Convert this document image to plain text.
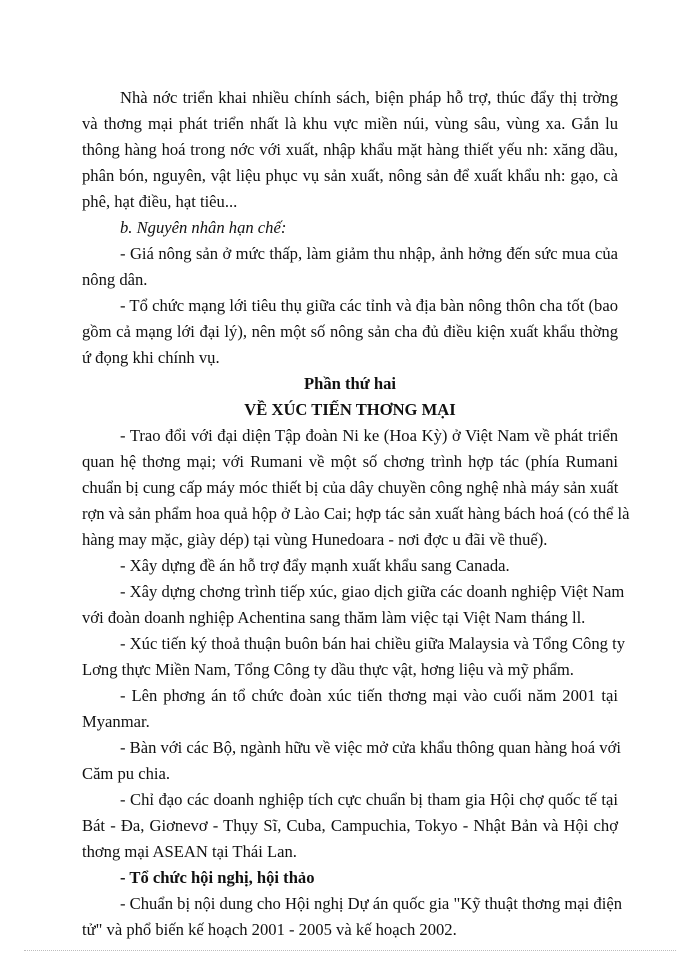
Nhà nớc triển khai nhiều chính sách, biện pháp hỗ trợ, thúc đẩy thị trờng
và thơng mại phát triển nhất là khu vực miền núi, vùng sâu, vùng xa. Gắn lu
thông hàng hoá trong nớc với xuất, nhập khẩu mặt hàng thiết yếu nh: xăng dầu,
phân bón, nguyên, vật liệu phục vụ sản xuất, nông sản để xuất khẩu nh: gạo, cà
phê, hạt điều, hạt tiêu...
b. Nguyên nhân hạn chế:
- Giá nông sản ở mức thấp, làm giảm thu nhập, ảnh hởng đến sức mua của
nông dân.
- Tổ chức mạng lới tiêu thụ giữa các tỉnh và địa bàn nông thôn cha tốt (bao
gồm cả mạng lới đại lý), nên một số nông sản cha đủ điều kiện xuất khẩu thờng
ứ đọng khi chính vụ.
Phần thứ hai
VỀ XÚC TIẾN THƠNG MẠI
- Trao đổi với đại diện Tập đoàn Ni ke (Hoa Kỳ) ở Việt Nam về phát triển
quan hệ thơng mại; với Rumani về một số chơng trình hợp tác (phía Rumani
chuẩn bị cung cấp máy móc thiết bị của dây chuyền công nghệ nhà máy sản xuất
rợn và sản phẩm hoa quả hộp ở Lào Cai; hợp tác sản xuất hàng bách hoá (có thể là
hàng may mặc, giày dép) tại vùng Hunedoara - nơi đợc u đãi về thuế).
- Xây dựng đề án hỗ trợ đẩy mạnh xuất khẩu sang Canada.
- Xây dựng chơng trình tiếp xúc, giao dịch giữa các doanh nghiệp Việt Nam
với đoàn doanh nghiệp Achentina sang thăm làm việc tại Việt Nam tháng ll.
- Xúc tiến ký thoả thuận buôn bán hai chiều giữa Malaysia và Tổng Công ty
Lơng thực Miền Nam, Tổng Công ty dầu thực vật, hơng liệu và mỹ phẩm.
- Lên phơng án tổ chức đoàn xúc tiến thơng mại vào cuối năm 2001 tại
Myanmar.
- Bàn với các Bộ, ngành hữu về việc mở cửa khẩu thông quan hàng hoá với
Căm pu chia.
- Chỉ đạo các doanh nghiệp tích cực chuẩn bị tham gia Hội chợ quốc tế tại
Bát - Đa, Giơnevơ - Thụy Sĩ, Cuba, Campuchia, Tokyo - Nhật Bản và Hội chợ
thơng mại ASEAN tại Thái Lan.
- Tổ chức hội nghị, hội thảo
- Chuẩn bị nội dung cho Hội nghị Dự án quốc gia "Kỹ thuật thơng mại điện
tử" và phổ biến kế hoạch 2001 - 2005 và kế hoạch 2002.
